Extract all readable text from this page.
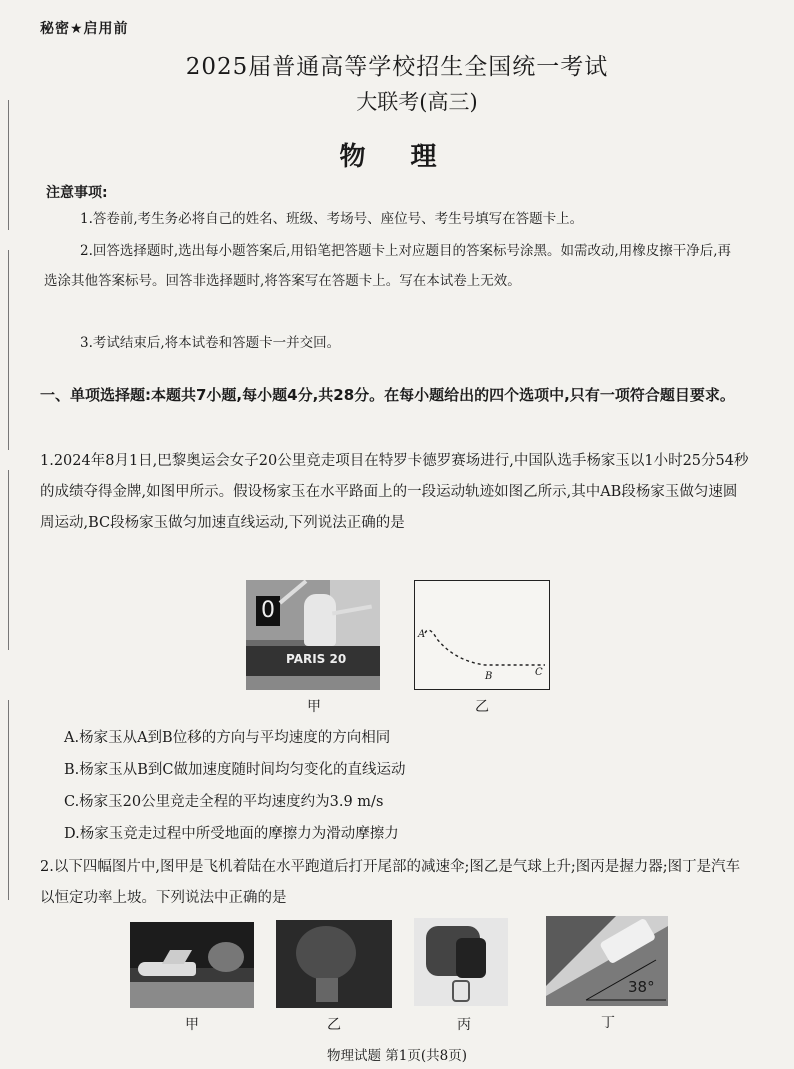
秘密★启用前
2025届普通高等学校招生全国统一考试
大联考(高三)
物 理
注意事项:
1.答卷前,考生务必将自己的姓名、班级、考场号、座位号、考生号填写在答题卡上。
2.回答选择题时,选出每小题答案后,用铅笔把答题卡上对应题目的答案标号涂黑。如需改动,用橡皮擦干净后,再选涂其他答案标号。回答非选择题时,将答案写在答题卡上。写在本试卷上无效。
3.考试结束后,将本试卷和答题卡一并交回。
一、单项选择题:本题共7小题,每小题4分,共28分。在每小题给出的四个选项中,只有一项符合题目要求。
1.2024年8月1日,巴黎奥运会女子20公里竞走项目在特罗卡德罗赛场进行,中国队选手杨家玉以1小时25分54秒的成绩夺得金牌,如图甲所示。假设杨家玉在水平路面上的一段运动轨迹如图乙所示,其中AB段杨家玉做匀速圆周运动,BC段杨家玉做匀加速直线运动,下列说法正确的是
0
PARIS 20
甲
A
B	C
乙
A.杨家玉从A到B位移的方向与平均速度的方向相同
B.杨家玉从B到C做加速度随时间均匀变化的直线运动
C.杨家玉20公里竞走全程的平均速度约为3.9 m/s
D.杨家玉竞走过程中所受地面的摩擦力为滑动摩擦力
2.以下四幅图片中,图甲是飞机着陆在水平跑道后打开尾部的减速伞;图乙是气球上升;图丙是握力器;图丁是汽车以恒定功率上坡。下列说法中正确的是
甲	乙	丙
38°
丁
物理试题 第1页(共8页)
